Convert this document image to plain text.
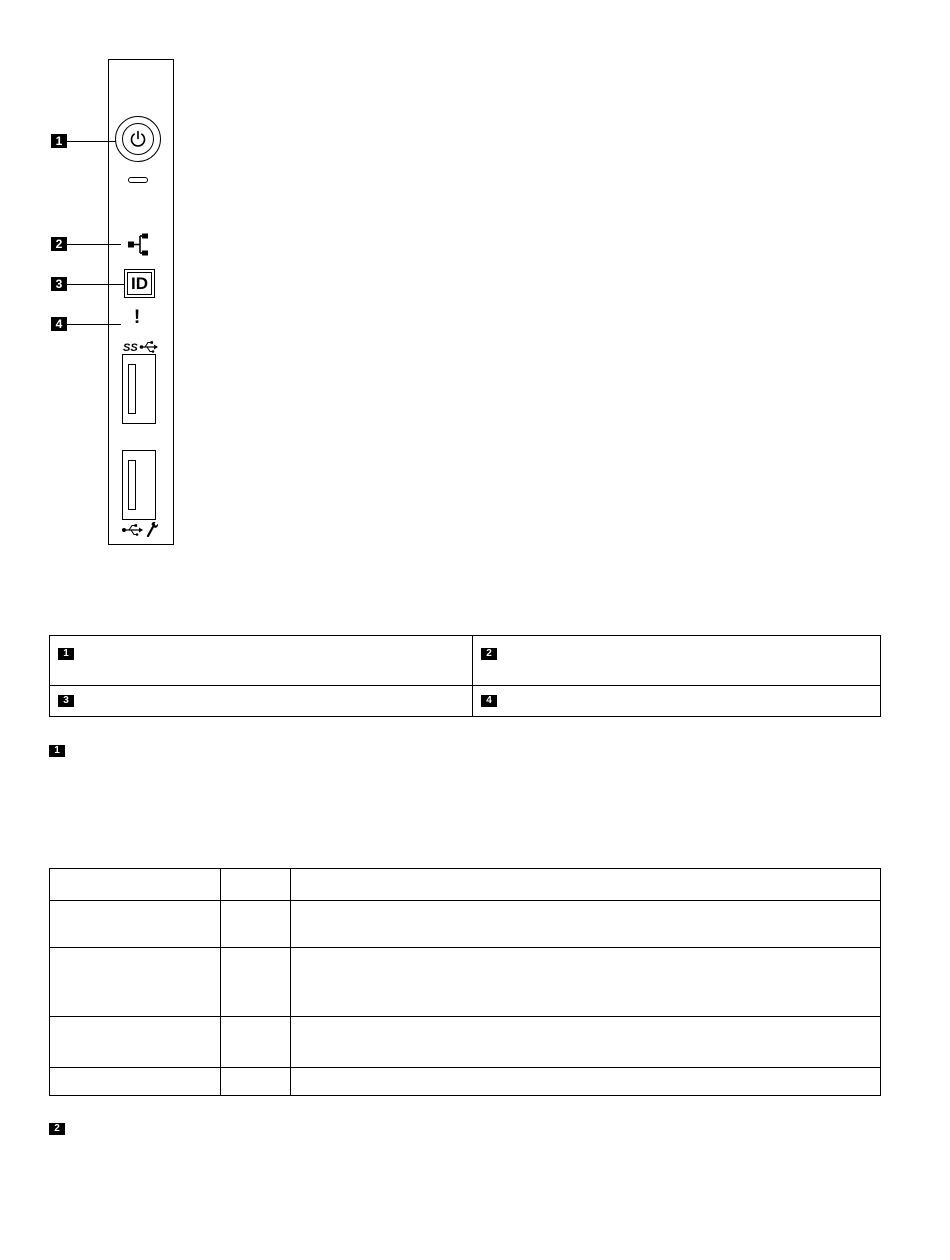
1
2
3	ID
4	!
SS
1	2
3	4
1

2
